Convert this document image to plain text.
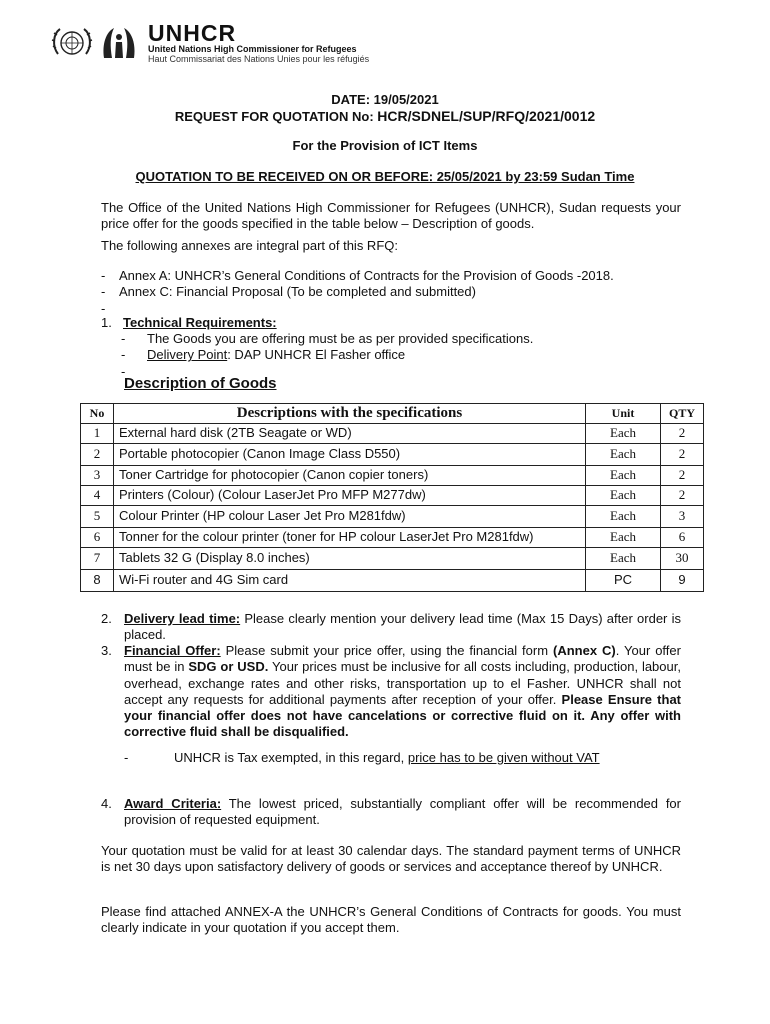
UNHCR
United Nations High Commissioner for Refugees
Haut Commissariat des Nations Unies pour les réfugiés
DATE: 19/05/2021
REQUEST FOR QUOTATION No: HCR/SDNEL/SUP/RFQ/2021/0012
For the Provision of ICT Items
QUOTATION TO BE RECEIVED ON OR BEFORE: 25/05/2021 by 23:59 Sudan Time
The Office of the United Nations High Commissioner for Refugees (UNHCR), Sudan requests your price offer for the goods specified in the table below – Description of goods.
The following annexes are integral part of this RFQ:
-	Annex A: UNHCR’s General Conditions of Contracts for the Provision of Goods -2018.
-	Annex C: Financial Proposal (To be completed and submitted)
-
1. Technical Requirements:
-	The Goods you are offering must be as per provided specifications.
-	Delivery Point: DAP UNHCR El Fasher office
-
Description of Goods
No	Descriptions with the specifications	Unit	QTY
1	External hard disk (2TB Seagate or WD)	Each	2
2	Portable photocopier (Canon Image Class D550)	Each	2
3	Toner Cartridge for photocopier (Canon copier toners)	Each	2
4	Printers (Colour) (Colour LaserJet Pro MFP M277dw)	Each	2
5	Colour Printer (HP colour Laser Jet Pro M281fdw)	Each	3
6	Tonner for the colour printer (toner for HP colour LaserJet Pro M281fdw)	Each	6
7	Tablets 32 G (Display 8.0 inches)	Each	30
8	Wi-Fi router and 4G Sim card	PC	9
2. Delivery lead time: Please clearly mention your delivery lead time (Max 15 Days) after order is placed.
3. Financial Offer: Please submit your price offer, using the financial form (Annex C). Your offer must be in SDG or USD. Your prices must be inclusive for all costs including, production, labour, overhead, exchange rates and other risks, transportation up to el Fasher. UNHCR shall not accept any requests for additional payments after reception of your offer. Please Ensure that your financial offer does not have cancelations or corrective fluid on it. Any offer with corrective fluid shall be disqualified.
-	UNHCR is Tax exempted, in this regard, price has to be given without VAT
4. Award Criteria: The lowest priced, substantially compliant offer will be recommended for provision of requested equipment.
Your quotation must be valid for at least 30 calendar days. The standard payment terms of UNHCR is net 30 days upon satisfactory delivery of goods or services and acceptance thereof by UNHCR.
Please find attached ANNEX-A the UNHCR’s General Conditions of Contracts for goods. You must clearly indicate in your quotation if you accept them.
